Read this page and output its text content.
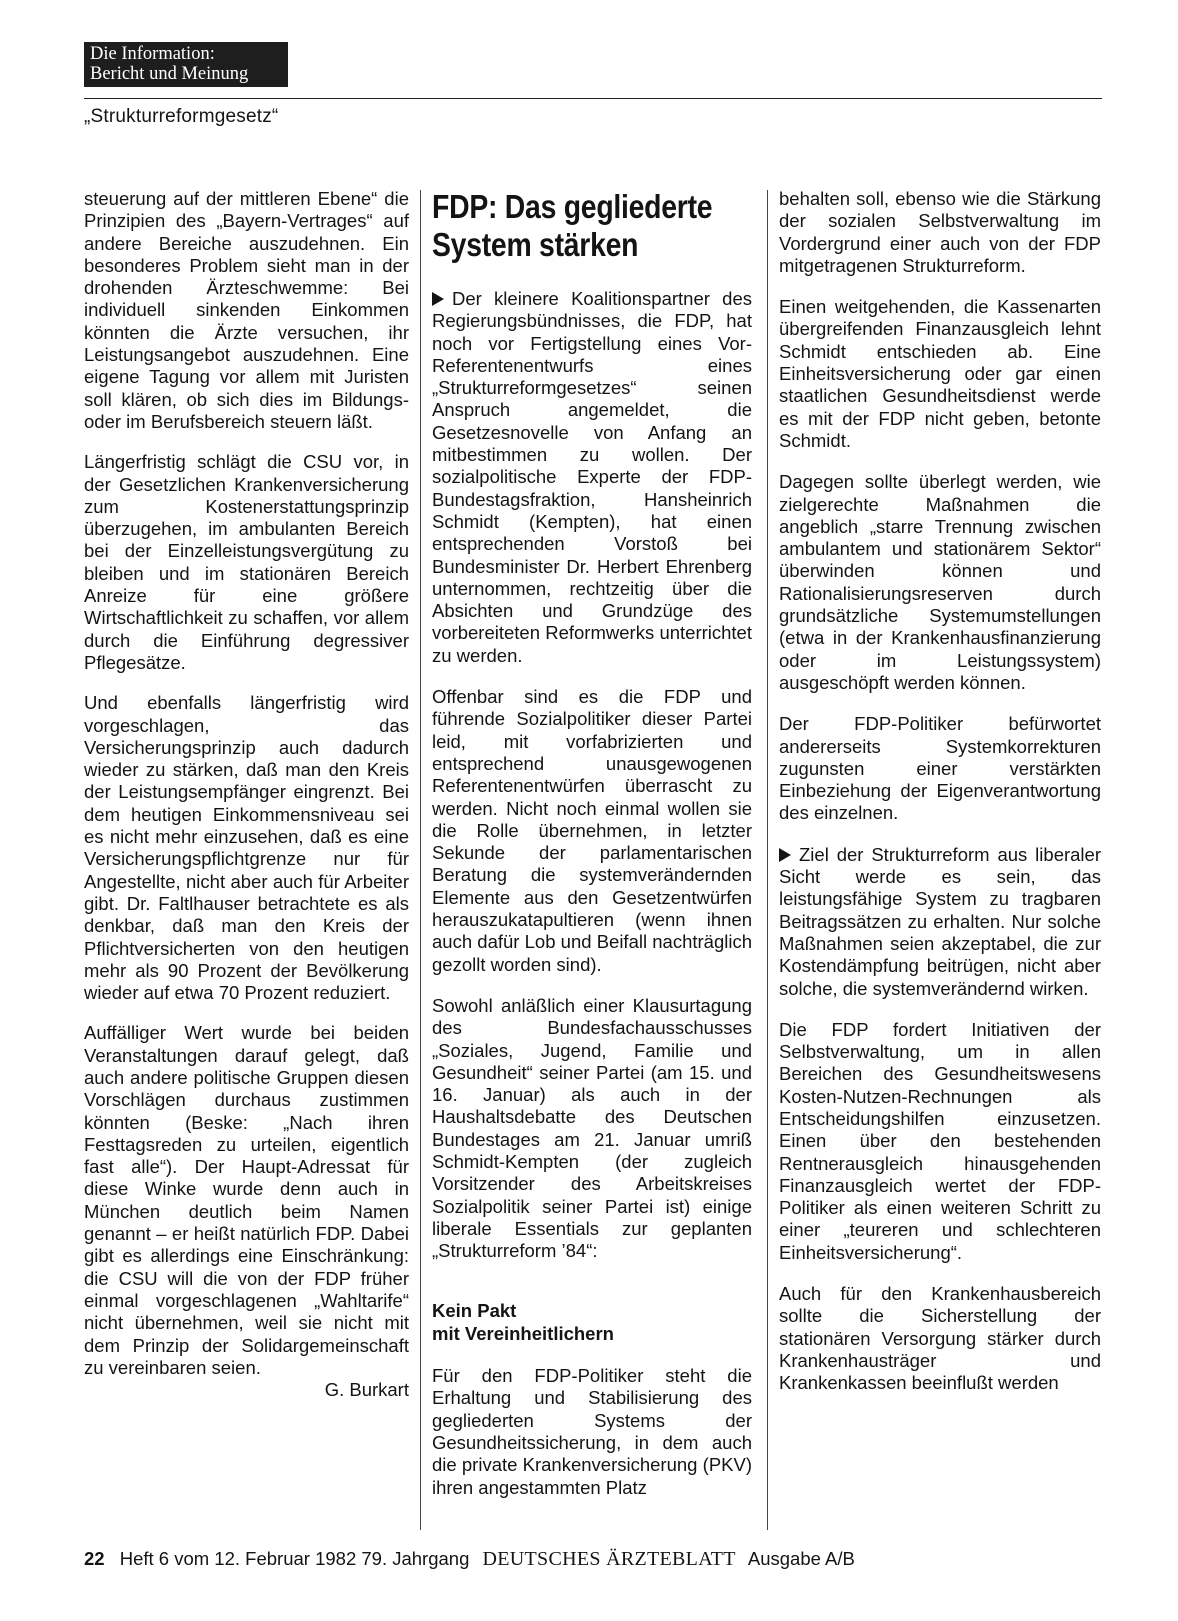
Die Information:
Bericht und Meinung
„Strukturreformgesetz“

steuerung auf der mittleren Ebene“ die Prinzipien des „Bayern-Vertrages“ auf andere Bereiche auszudehnen. Ein besonderes Problem sieht man in der drohenden Ärzteschwemme: Bei individuell sinkenden Einkommen könnten die Ärzte versuchen, ihr Leistungsangebot auszudehnen. Eine eigene Tagung vor allem mit Juristen soll klären, ob sich dies im Bildungs- oder im Berufsbereich steuern läßt.

Längerfristig schlägt die CSU vor, in der Gesetzlichen Krankenversicherung zum Kostenerstattungsprinzip überzugehen, im ambulanten Bereich bei der Einzelleistungsvergütung zu bleiben und im stationären Bereich Anreize für eine größere Wirtschaftlichkeit zu schaffen, vor allem durch die Einführung degressiver Pflegesätze.

Und ebenfalls längerfristig wird vorgeschlagen, das Versicherungsprinzip auch dadurch wieder zu stärken, daß man den Kreis der Leistungsempfänger eingrenzt. Bei dem heutigen Einkommensniveau sei es nicht mehr einzusehen, daß es eine Versicherungspflichtgrenze nur für Angestellte, nicht aber auch für Arbeiter gibt. Dr. Faltlhauser betrachtete es als denkbar, daß man den Kreis der Pflichtversicherten von den heutigen mehr als 90 Prozent der Bevölkerung wieder auf etwa 70 Prozent reduziert.

Auffälliger Wert wurde bei beiden Veranstaltungen darauf gelegt, daß auch andere politische Gruppen diesen Vorschlägen durchaus zustimmen könnten (Beske: „Nach ihren Festtagsreden zu urteilen, eigentlich fast alle“). Der Haupt-Adressat für diese Winke wurde denn auch in München deutlich beim Namen genannt – er heißt natürlich FDP. Dabei gibt es allerdings eine Einschränkung: die CSU will die von der FDP früher einmal vorgeschlagenen „Wahltarife“ nicht übernehmen, weil sie nicht mit dem Prinzip der Solidargemeinschaft zu vereinbaren seien.

G. Burkart

FDP: Das gegliederte System stärken

Der kleinere Koalitionspartner des Regierungsbündnisses, die FDP, hat noch vor Fertigstellung eines Vor-Referentenentwurfs eines „Strukturreformgesetzes“ seinen Anspruch angemeldet, die Gesetzesnovelle von Anfang an mitbestimmen zu wollen. Der sozialpolitische Experte der FDP-Bundestagsfraktion, Hansheinrich Schmidt (Kempten), hat einen entsprechenden Vorstoß bei Bundesminister Dr. Herbert Ehrenberg unternommen, rechtzeitig über die Absichten und Grundzüge des vorbereiteten Reformwerks unterrichtet zu werden.

Offenbar sind es die FDP und führende Sozialpolitiker dieser Partei leid, mit vorfabrizierten und entsprechend unausgewogenen Referentenentwürfen überrascht zu werden. Nicht noch einmal wollen sie die Rolle übernehmen, in letzter Sekunde der parlamentarischen Beratung die systemverändernden Elemente aus den Gesetzentwürfen herauszukatapultieren (wenn ihnen auch dafür Lob und Beifall nachträglich gezollt worden sind).

Sowohl anläßlich einer Klausurtagung des Bundesfachausschusses „Soziales, Jugend, Familie und Gesundheit“ seiner Partei (am 15. und 16. Januar) als auch in der Haushaltsdebatte des Deutschen Bundestages am 21. Januar umriß Schmidt-Kempten (der zugleich Vorsitzender des Arbeitskreises Sozialpolitik seiner Partei ist) einige liberale Essentials zur geplanten „Strukturreform ’84“:

Kein Pakt
mit Vereinheitlichern

Für den FDP-Politiker steht die Erhaltung und Stabilisierung des gegliederten Systems der Gesundheitssicherung, in dem auch die private Krankenversicherung (PKV) ihren angestammten Platz

behalten soll, ebenso wie die Stärkung der sozialen Selbstverwaltung im Vordergrund einer auch von der FDP mitgetragenen Strukturreform.

Einen weitgehenden, die Kassenarten übergreifenden Finanzausgleich lehnt Schmidt entschieden ab. Eine Einheitsversicherung oder gar einen staatlichen Gesundheitsdienst werde es mit der FDP nicht geben, betonte Schmidt.

Dagegen sollte überlegt werden, wie zielgerechte Maßnahmen die angeblich „starre Trennung zwischen ambulantem und stationärem Sektor“ überwinden können und Rationalisierungsreserven durch grundsätzliche Systemumstellungen (etwa in der Krankenhausfinanzierung oder im Leistungssystem) ausgeschöpft werden können.

Der FDP-Politiker befürwortet andererseits Systemkorrekturen zugunsten einer verstärkten Einbeziehung der Eigenverantwortung des einzelnen.

Ziel der Strukturreform aus liberaler Sicht werde es sein, das leistungsfähige System zu tragbaren Beitragssätzen zu erhalten. Nur solche Maßnahmen seien akzeptabel, die zur Kostendämpfung beitrügen, nicht aber solche, die systemverändernd wirken.

Die FDP fordert Initiativen der Selbstverwaltung, um in allen Bereichen des Gesundheitswesens Kosten-Nutzen-Rechnungen als Entscheidungshilfen einzusetzen. Einen über den bestehenden Rentnerausgleich hinausgehenden Finanzausgleich wertet der FDP-Politiker als einen weiteren Schritt zu einer „teureren und schlechteren Einheitsversicherung“.

Auch für den Krankenhausbereich sollte die Sicherstellung der stationären Versorgung stärker durch Krankenhausträger und Krankenkassen beeinflußt werden

22 Heft 6 vom 12. Februar 1982 79. Jahrgang DEUTSCHES ÄRZTEBLATT Ausgabe A/B
